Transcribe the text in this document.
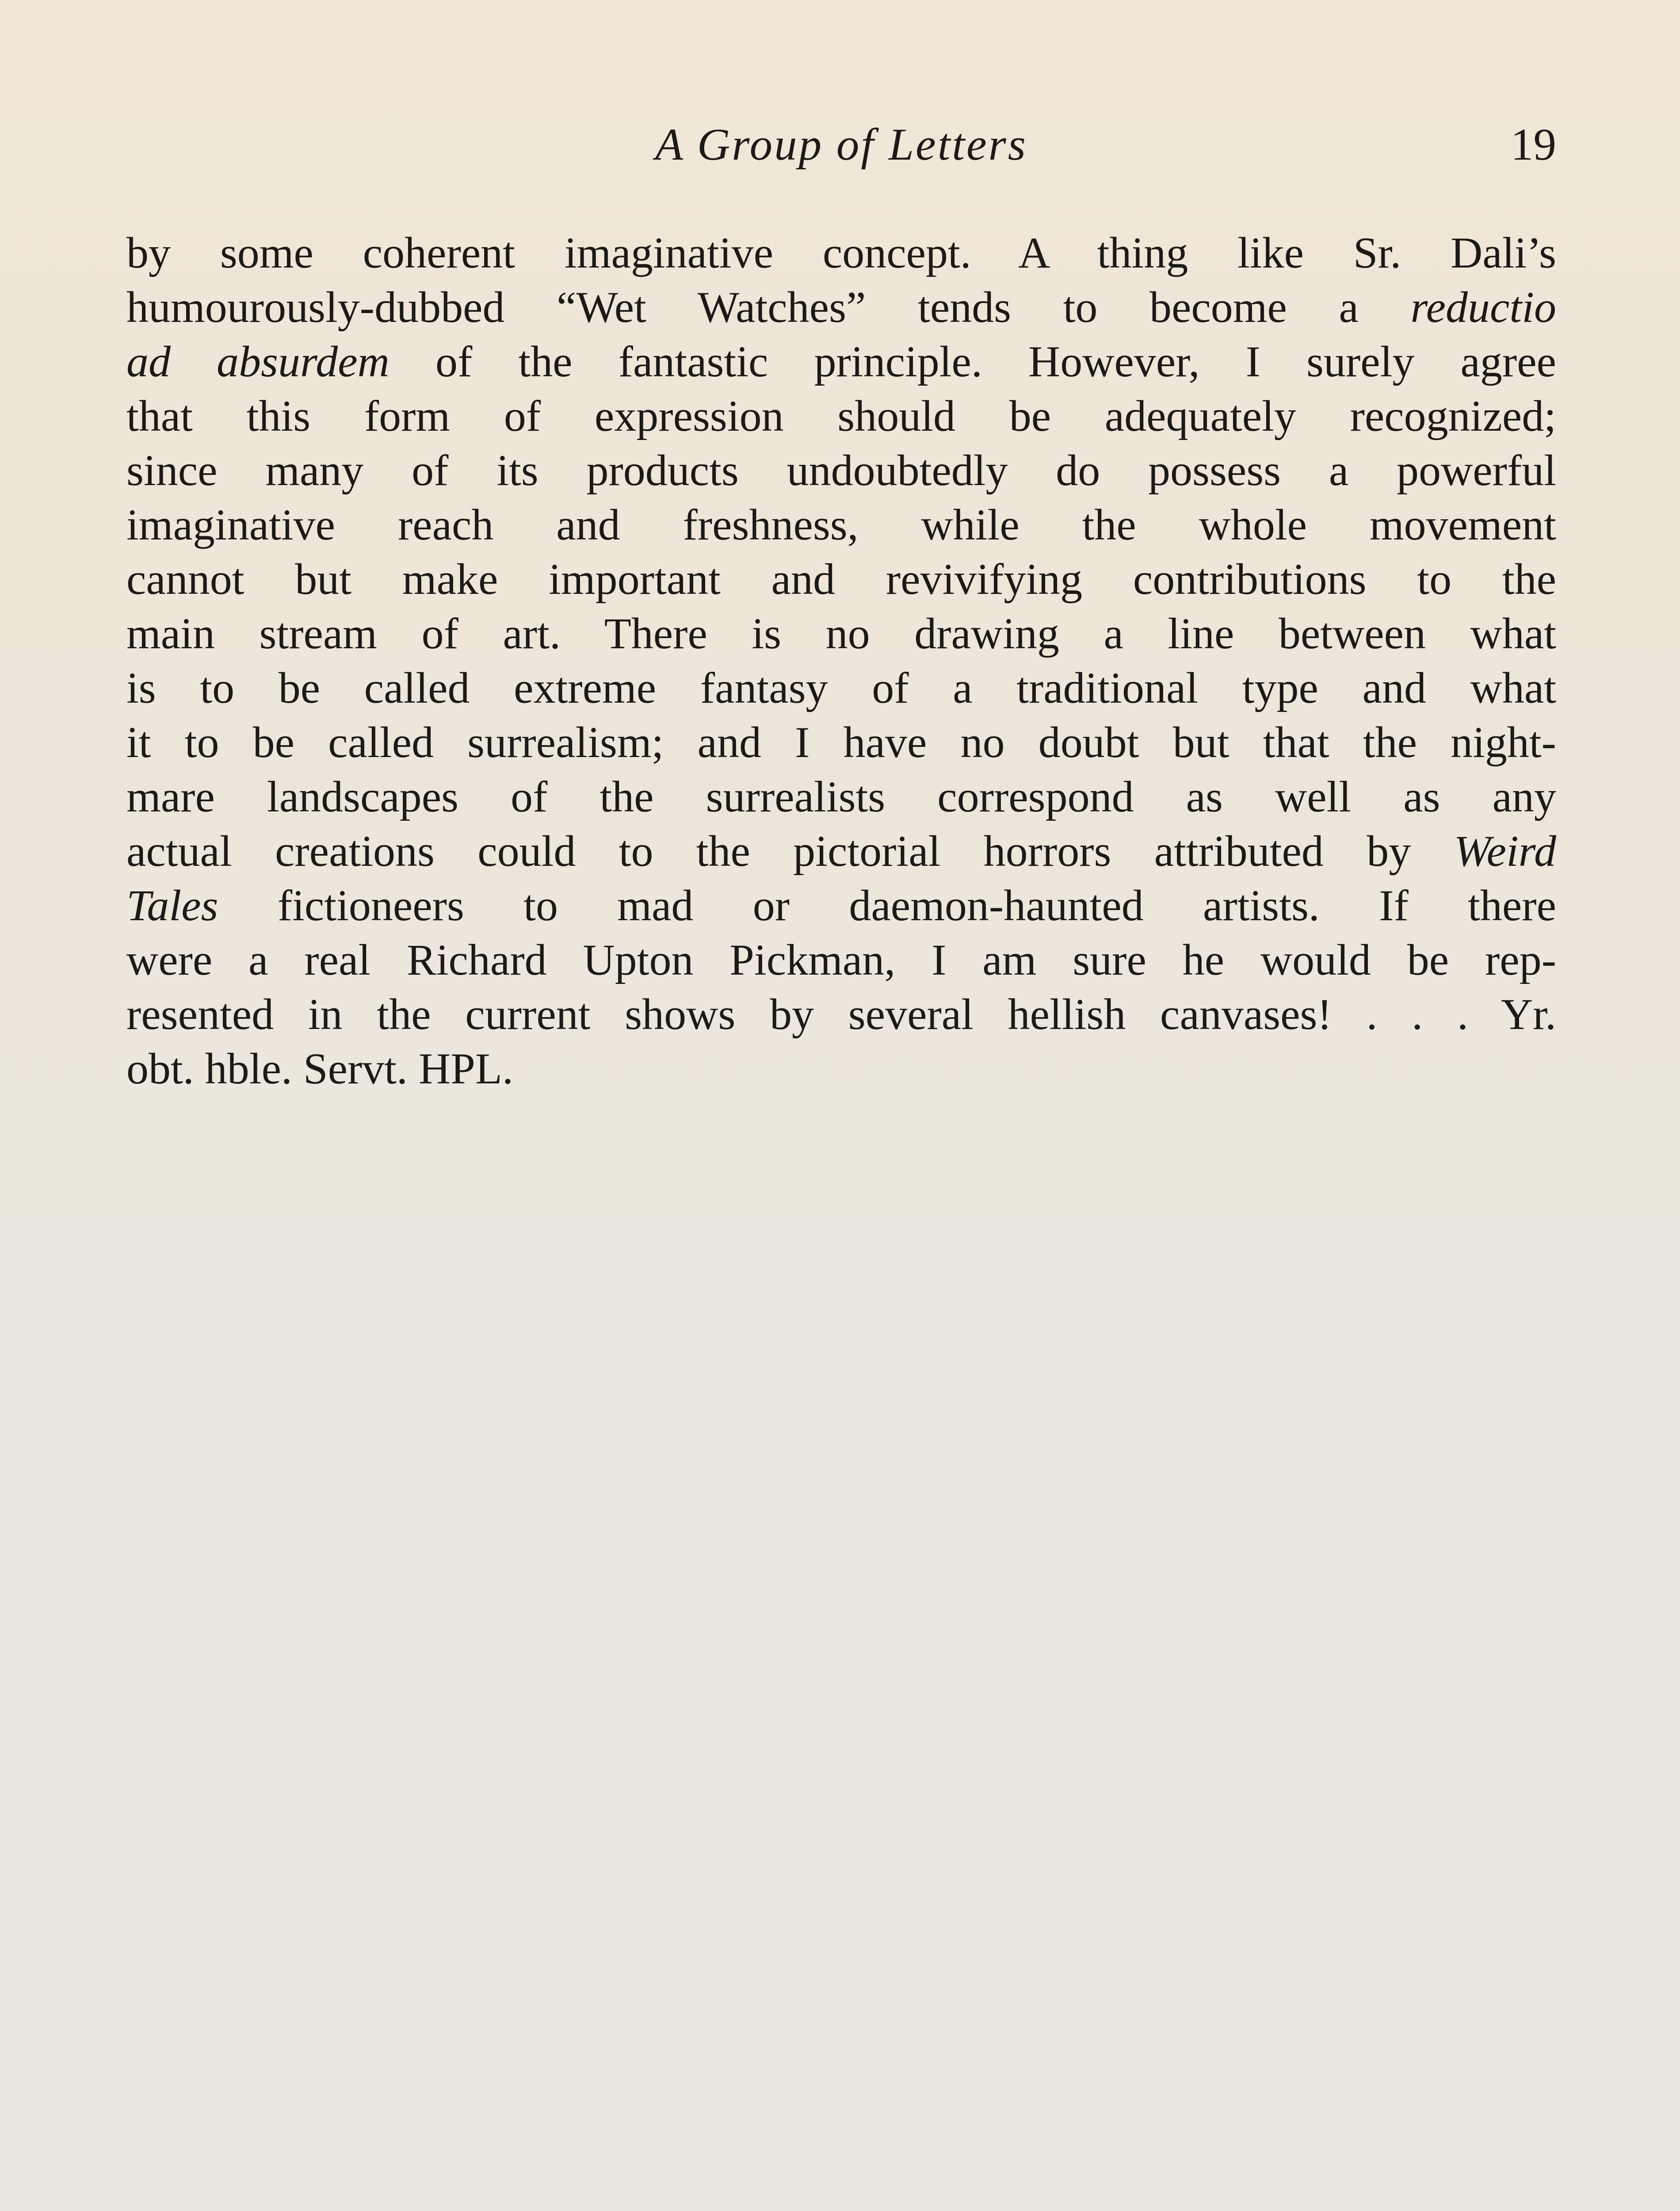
A Group of Letters	19
by some coherent imaginative concept. A thing like Sr. Dali’s
humourously-dubbed “Wet Watches” tends to become a reductio
ad absurdem of the fantastic principle. However, I surely agree
that this form of expression should be adequately recognized;
since many of its products undoubtedly do possess a powerful
imaginative reach and freshness, while the whole movement
cannot but make important and revivifying contributions to the
main stream of art. There is no drawing a line between what
is to be called extreme fantasy of a traditional type and what
it to be called surrealism; and I have no doubt but that the night-
mare landscapes of the surrealists correspond as well as any
actual creations could to the pictorial horrors attributed by Weird
Tales fictioneers to mad or daemon-haunted artists. If there
were a real Richard Upton Pickman, I am sure he would be rep-
resented in the current shows by several hellish canvases! . . . Yr.
obt. hble. Servt. HPL.
